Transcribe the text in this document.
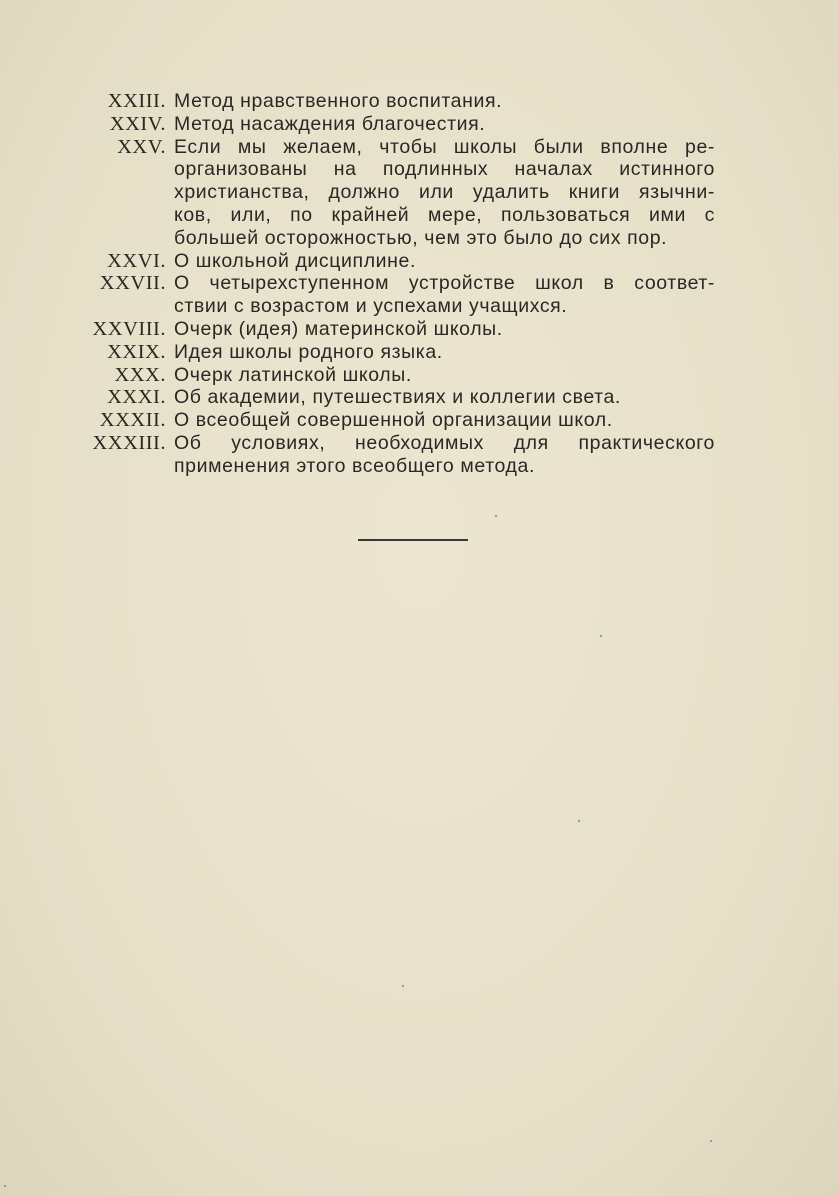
XXIII. Метод нравственного воспитания.
XXIV. Метод насаждения благочестия.
XXV. Если мы желаем, чтобы школы были вполне ре-
организованы на подлинных началах истинного
христианства, должно или удалить книги язычни-
ков, или, по крайней мере, пользоваться ими с
большей осторожностью, чем это было до сих пор.
XXVI. О школьной дисциплине.
XXVII. О четырехступенном устройстве школ в соответ-
ствии с возрастом и успехами учащихся.
XXVIII. Очерк (идея) материнской школы.
XXIX. Идея школы родного языка.
XXX. Очерк латинской школы.
XXXI. Об академии, путешествиях и коллегии света.
XXXII. О всеобщей совершенной организации школ.
XXXIII. Об условиях, необходимых для практического
применения этого всеобщего метода.
